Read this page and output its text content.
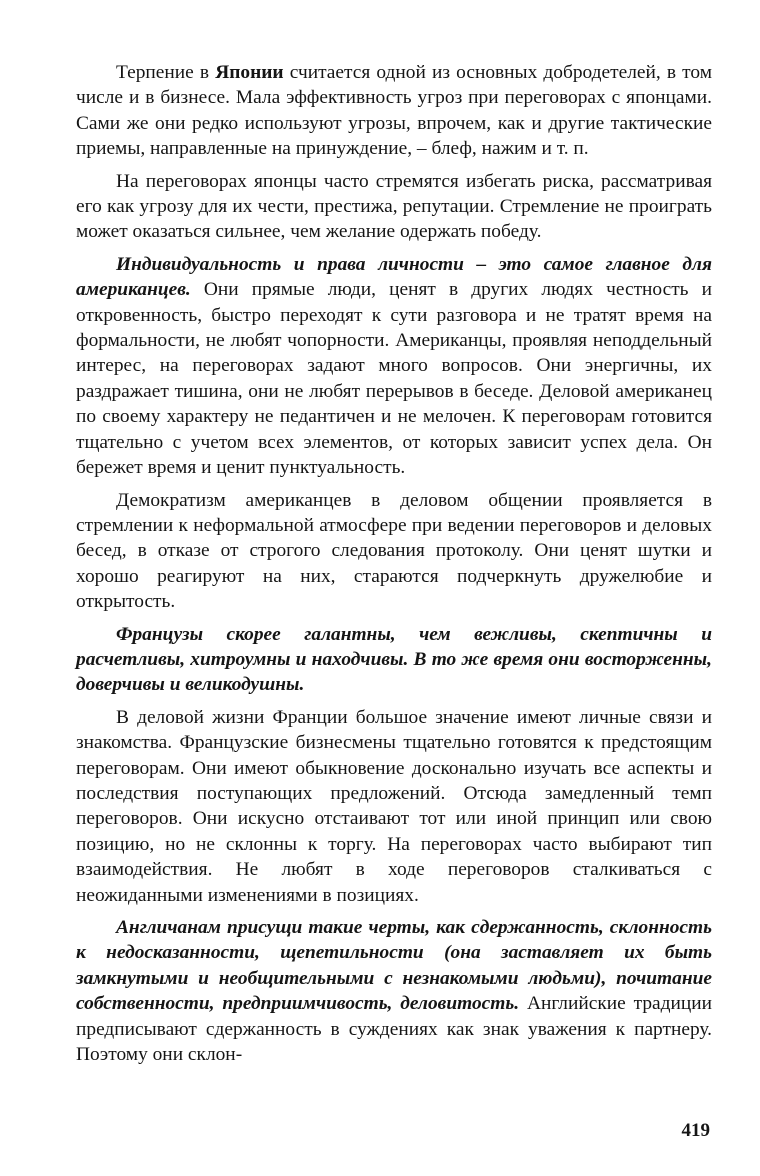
Терпение в Японии считается одной из основных добродетелей, в том числе и в бизнесе. Мала эффективность угроз при переговорах с японцами. Сами же они редко используют угрозы, впрочем, как и другие тактические приемы, направленные на принуждение, – блеф, нажим и т. п.

На переговорах японцы часто стремятся избегать риска, рассматривая его как угрозу для их чести, престижа, репутации. Стремление не проиграть может оказаться сильнее, чем желание одержать победу.

Индивидуальность и права личности – это самое главное для американцев. Они прямые люди, ценят в других людях честность и откровенность, быстро переходят к сути разговора и не тратят время на формальности, не любят чопорности. Американцы, проявляя неподдельный интерес, на переговорах задают много вопросов. Они энергичны, их раздражает тишина, они не любят перерывов в беседе. Деловой американец по своему характеру не педантичен и не мелочен. К переговорам готовится тщательно с учетом всех элементов, от которых зависит успех дела. Он бережет время и ценит пунктуальность.

Демократизм американцев в деловом общении проявляется в стремлении к неформальной атмосфере при ведении переговоров и деловых бесед, в отказе от строгого следования протоколу. Они ценят шутки и хорошо реагируют на них, стараются подчеркнуть дружелюбие и открытость.

Французы скорее галантны, чем вежливы, скептичны и расчетливы, хитроумны и находчивы. В то же время они восторженны, доверчивы и великодушны.

В деловой жизни Франции большое значение имеют личные связи и знакомства. Французские бизнесмены тщательно готовятся к предстоящим переговорам. Они имеют обыкновение досконально изучать все аспекты и последствия поступающих предложений. Отсюда замедленный темп переговоров. Они искусно отстаивают тот или иной принцип или свою позицию, но не склонны к торгу. На переговорах часто выбирают тип взаимодействия. Не любят в ходе переговоров сталкиваться с неожиданными изменениями в позициях.

Англичанам присущи такие черты, как сдержанность, склонность к недосказанности, щепетильности (она заставляет их быть замкнутыми и необщительными с незнакомыми людьми), почитание собственности, предприимчивость, деловитость. Английские традиции предписывают сдержанность в суждениях как знак уважения к партнеру. Поэтому они склон-

419
